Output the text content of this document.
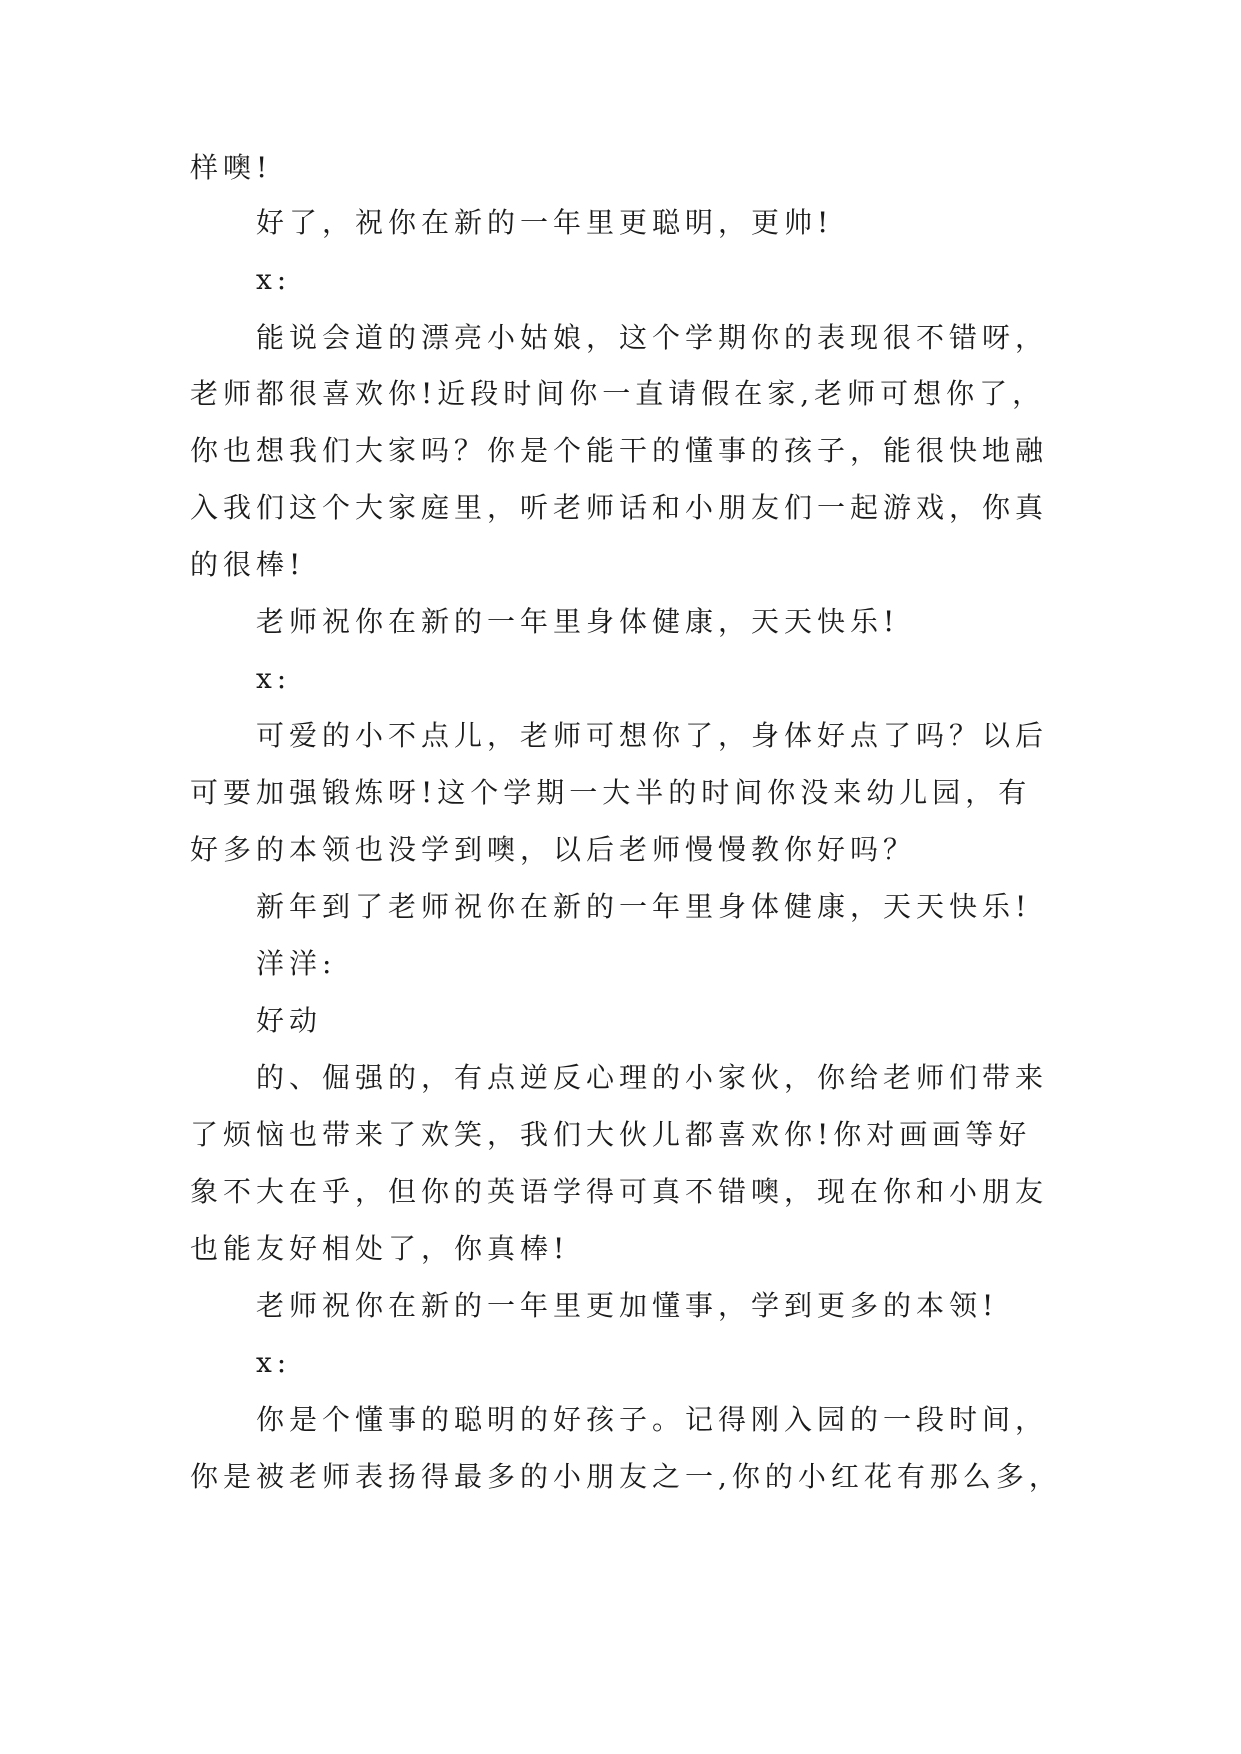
样噢!

好了，祝你在新的一年里更聪明，更帅!

x:

能说会道的漂亮小姑娘，这个学期你的表现很不错呀，

老师都很喜欢你!近段时间你一直请假在家,老师可想你了，

你也想我们大家吗？你是个能干的懂事的孩子，能很快地融

入我们这个大家庭里，听老师话和小朋友们一起游戏，你真

的很棒!

老师祝你在新的一年里身体健康，天天快乐!

x:

可爱的小不点儿，老师可想你了，身体好点了吗？以后

可要加强锻炼呀!这个学期一大半的时间你没来幼儿园，有

好多的本领也没学到噢，以后老师慢慢教你好吗？

新年到了老师祝你在新的一年里身体健康，天天快乐!

洋洋:

好动

的、倔强的，有点逆反心理的小家伙，你给老师们带来

了烦恼也带来了欢笑，我们大伙儿都喜欢你!你对画画等好

象不大在乎，但你的英语学得可真不错噢，现在你和小朋友

也能友好相处了，你真棒!

老师祝你在新的一年里更加懂事，学到更多的本领!

x:

你是个懂事的聪明的好孩子。记得刚入园的一段时间，

你是被老师表扬得最多的小朋友之一,你的小红花有那么多，
